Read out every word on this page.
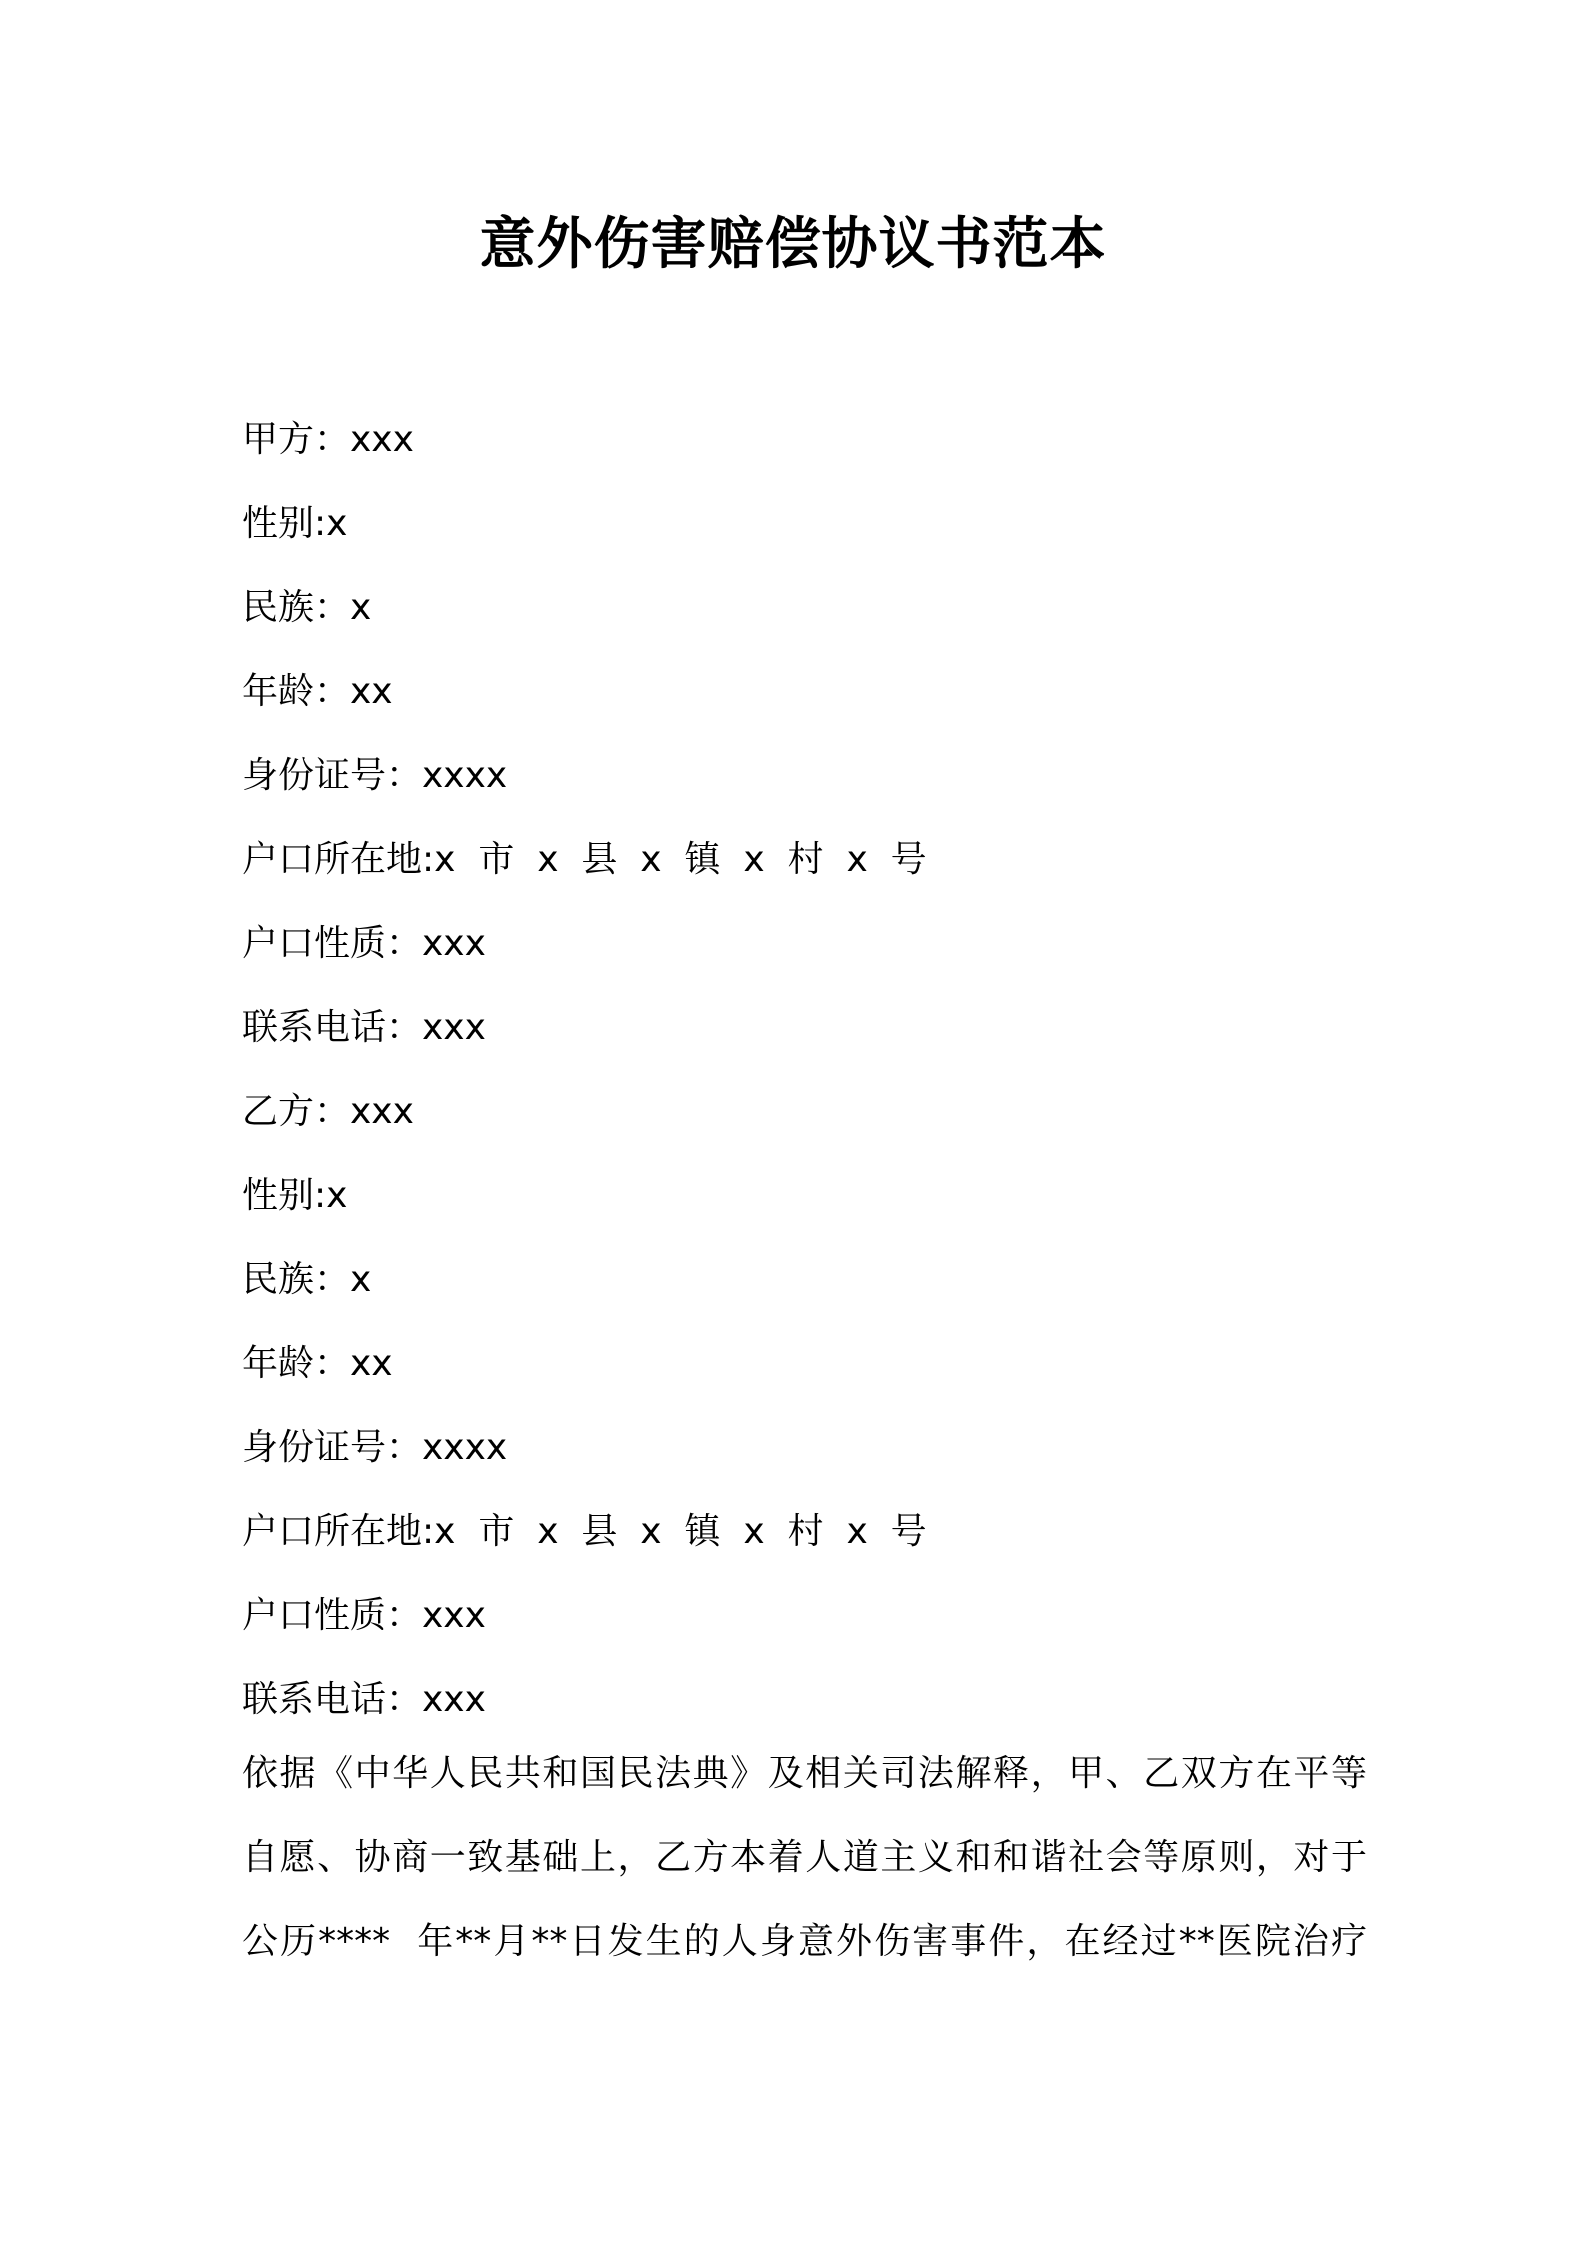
意外伤害赔偿协议书范本
甲方：xxx
性别:x
民族：x
年龄：xx
身份证号：xxxx
户口所在地:x  市  x  县  x  镇  x  村  x  号
户口性质：xxx
联系电话：xxx
乙方：xxx
性别:x
民族：x
年龄：xx
身份证号：xxxx
户口所在地:x  市  x  县  x  镇  x  村  x  号
户口性质：xxx
联系电话：xxx
依据《中华人民共和国民法典》及相关司法解释，甲、乙双方在平等
自愿、协商一致基础上，乙方本着人道主义和和谐社会等原则，对于
公历****  年**月**日发生的人身意外伤害事件，在经过**医院治疗
